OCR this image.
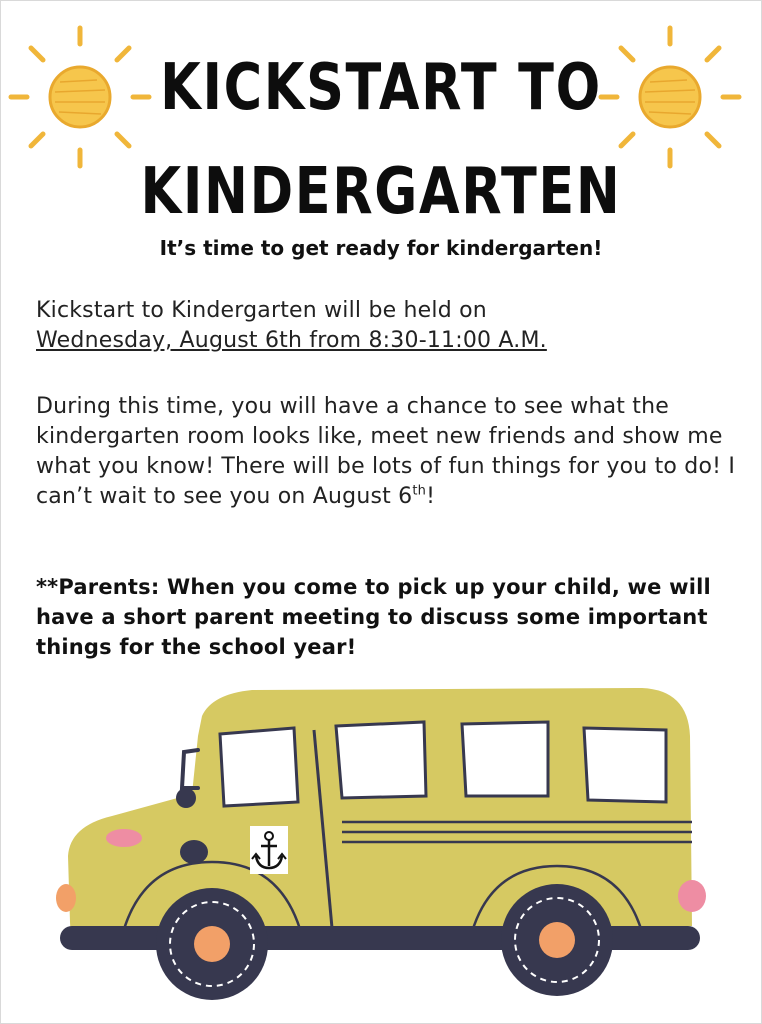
KICKSTART TO
KINDERGARTEN
It’s time to get ready for kindergarten!
Kickstart to Kindergarten will be held on
Wednesday, August 6th from 8:30-11:00 A.M.
During this time, you will have a chance to see what the kindergarten room looks like, meet new friends and show me what you know! There will be lots of fun things for you to do! I can’t wait to see you on August 6th!
**Parents: When you come to pick up your child, we will have a short parent meeting to discuss some important things for the school year!
